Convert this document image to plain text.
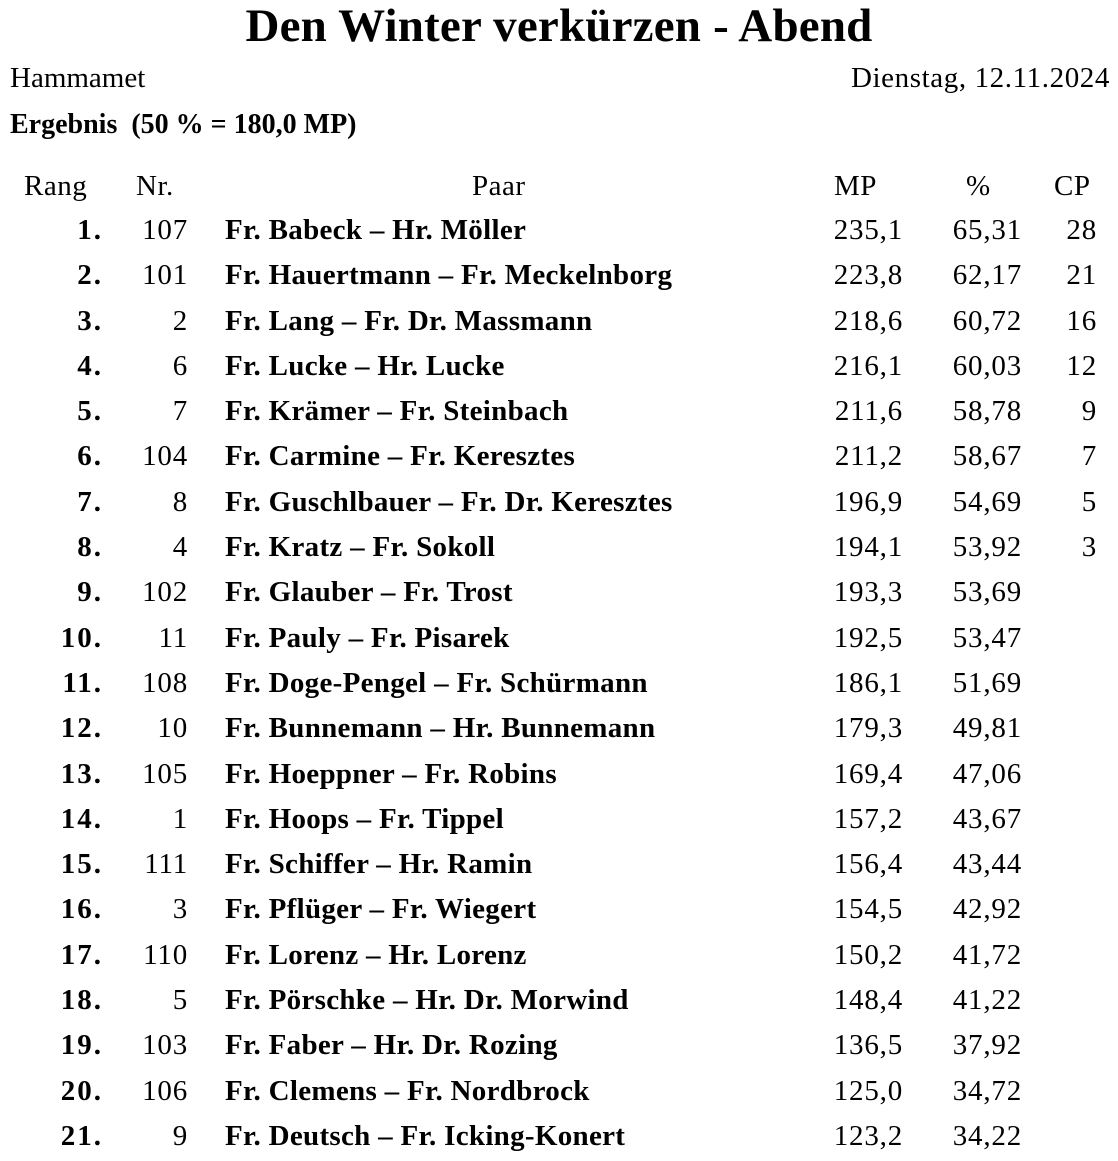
Den Winter verkürzen - Abend
Hammamet	Dienstag, 12.11.2024
Ergebnis (50 % = 180,0 MP)
Rang Nr.	Paar	MP	% CP
1.	107 Fr. Babeck – Hr. Möller	235,1	65,31	28
2.	101 Fr. Hauertmann – Fr. Meckelnborg	223,8	62,17	21
3.	2 Fr. Lang – Fr. Dr. Massmann	218,6	60,72	16
4.	6 Fr. Lucke – Hr. Lucke	216,1	60,03	12
5.	7 Fr. Krämer – Fr. Steinbach	211,6	58,78	9
6.	104 Fr. Carmine – Fr. Keresztes	211,2	58,67	7
7.	8 Fr. Guschlbauer – Fr. Dr. Keresztes	196,9	54,69	5
8.	4 Fr. Kratz – Fr. Sokoll	194,1	53,92	3
9.	102 Fr. Glauber – Fr. Trost	193,3	53,69
10.	11 Fr. Pauly – Fr. Pisarek	192,5	53,47
11.	108 Fr. Doge-Pengel – Fr. Schürmann	186,1	51,69
12.	10 Fr. Bunnemann – Hr. Bunnemann	179,3	49,81
13.	105 Fr. Hoeppner – Fr. Robins	169,4	47,06
14.	1 Fr. Hoops – Fr. Tippel	157,2	43,67
15.	111 Fr. Schiffer – Hr. Ramin	156,4	43,44
16.	3 Fr. Pflüger – Fr. Wiegert	154,5	42,92
17.	110 Fr. Lorenz – Hr. Lorenz	150,2	41,72
18.	5 Fr. Pörschke – Hr. Dr. Morwind	148,4	41,22
19.	103 Fr. Faber – Hr. Dr. Rozing	136,5	37,92
20.	106 Fr. Clemens – Fr. Nordbrock	125,0	34,72
21.	9 Fr. Deutsch – Fr. Icking-Konert	123,2	34,22
